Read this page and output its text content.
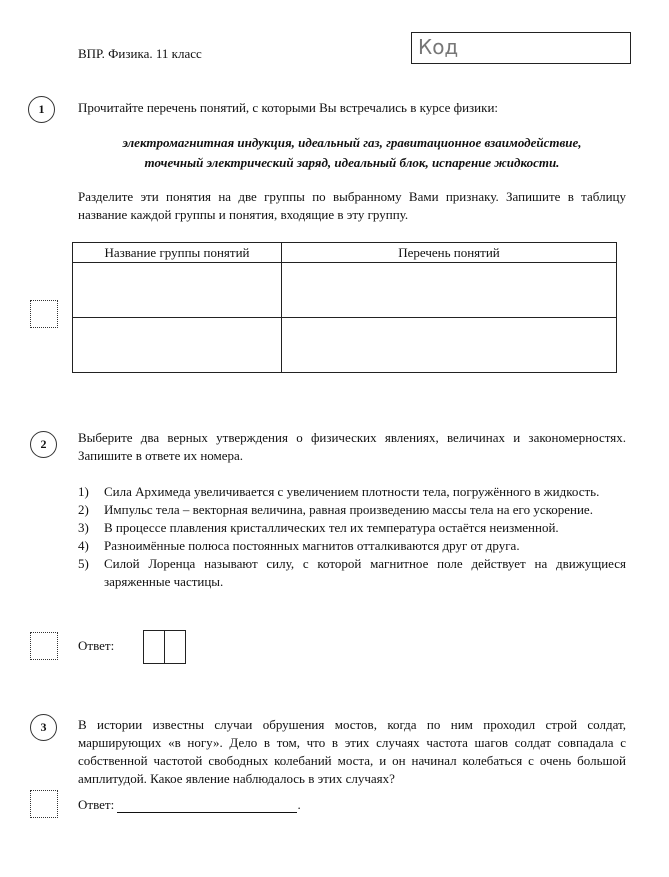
ВПР. Физика. 11 класс	Код
1	Прочитайте перечень понятий, с которыми Вы встречались в курсе физики:
электромагнитная индукция, идеальный газ, гравитационное взаимодействие,
точечный электрический заряд, идеальный блок, испарение жидкости.
Разделите эти понятия на две группы по выбранному Вами признаку. Запишите в таблицу название каждой группы и понятия, входящие в эту группу.
Название группы понятий	Перечень понятий

2	Выберите два верных утверждения о физических явлениях, величинах и закономерностях. Запишите в ответе их номера.
1)	Сила Архимеда увеличивается с увеличением плотности тела, погружённого в жидкость.
2)	Импульс тела – векторная величина, равная произведению массы тела на его ускорение.
3)	В процессе плавления кристаллических тел их температура остаётся неизменной.
4)	Разноимённые полюса постоянных магнитов отталкиваются друг от друга.
5)	Силой Лоренца называют силу, с которой магнитное поле действует на движущиеся заряженные частицы.
Ответ:
3	В истории известны случаи обрушения мостов, когда по ним проходил строй солдат, марширующих «в ногу». Дело в том, что в этих случаях частота шагов солдат совпадала с собственной частотой свободных колебаний моста, и он начинал колебаться с очень большой амплитудой. Какое явление наблюдалось в этих случаях?
Ответ:	.
